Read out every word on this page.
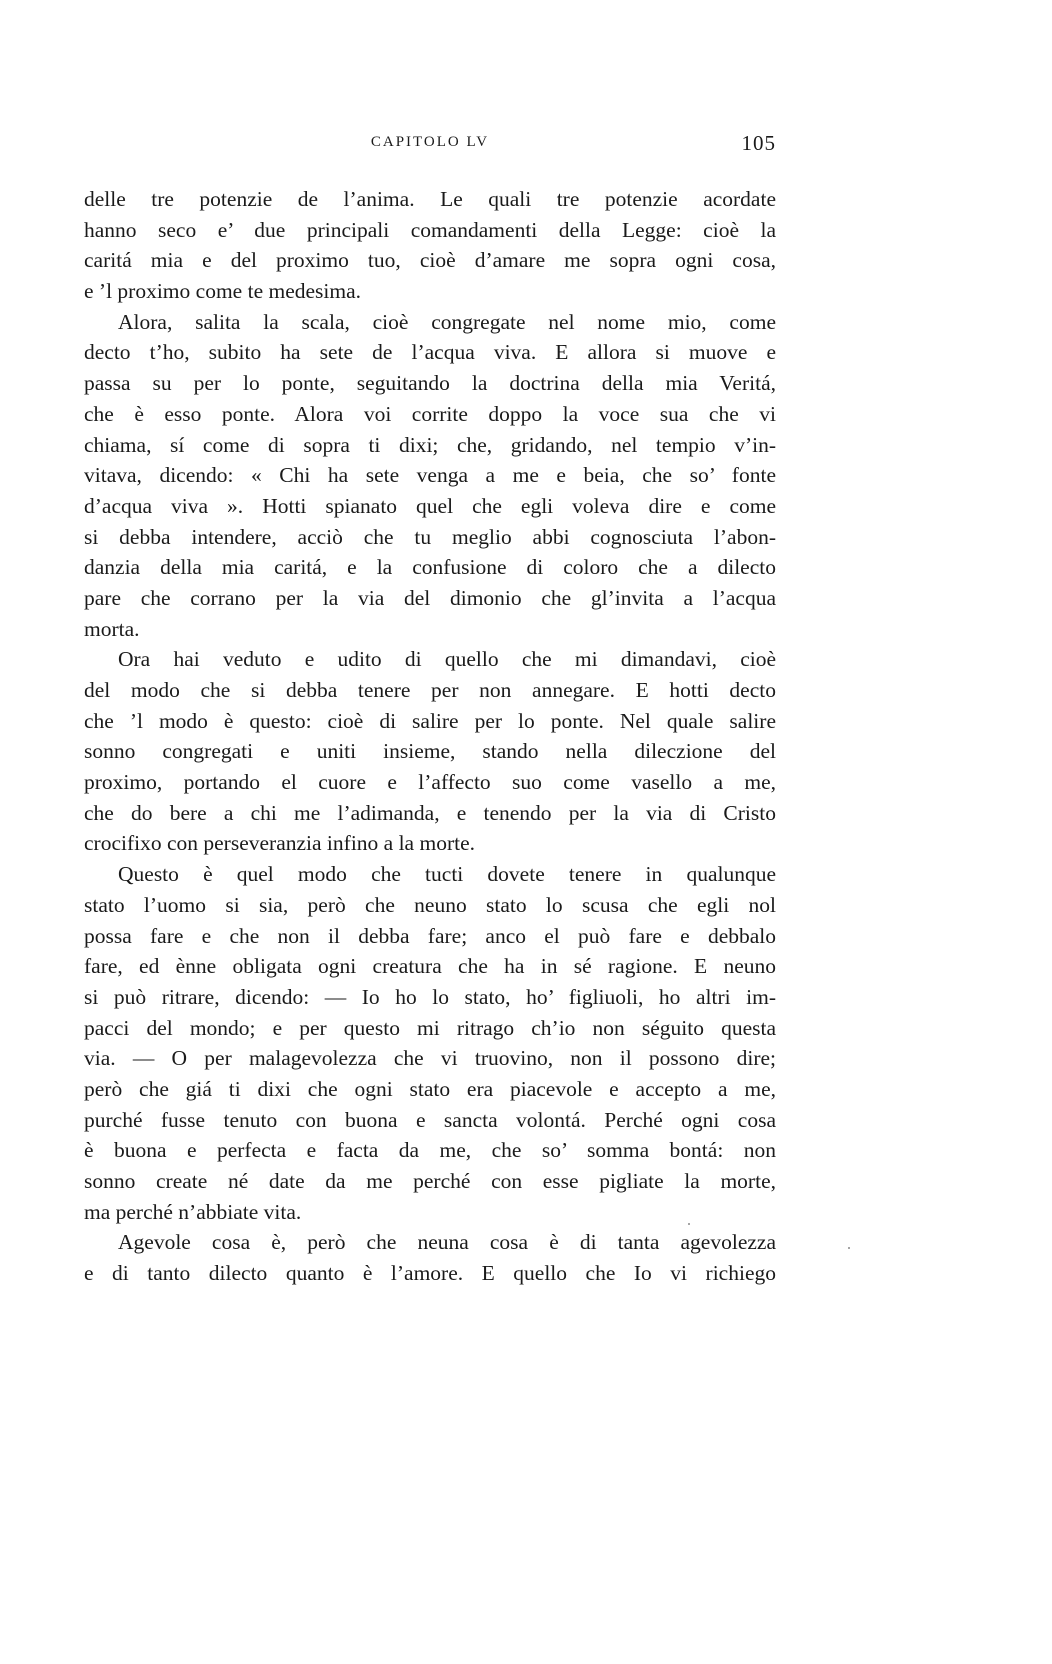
CAPITOLO LV	105
delle tre potenzie de l’anima. Le quali tre potenzie acordate
hanno seco e’ due principali comandamenti della Legge: cioè la
caritá mia e del proximo tuo, cioè d’amare me sopra ogni cosa,
e ’l proximo come te medesima.
Alora, salita la scala, cioè congregate nel nome mio, come
decto t’ho, subito ha sete de l’acqua viva. E allora si muove e
passa su per lo ponte, seguitando la doctrina della mia Veritá,
che è esso ponte. Alora voi corrite doppo la voce sua che vi
chiama, sí come di sopra ti dixi; che, gridando, nel tempio v’in-
vitava, dicendo: « Chi ha sete venga a me e beia, che so’ fonte
d’acqua viva ». Hotti spianato quel che egli voleva dire e come
si debba intendere, acciò che tu meglio abbi cognosciuta l’abon-
danzia della mia caritá, e la confusione di coloro che a dilecto
pare che corrano per la via del dimonio che gl’invita a l’acqua
morta.
Ora hai veduto e udito di quello che mi dimandavi, cioè
del modo che si debba tenere per non annegare. E hotti decto
che ’l modo è questo: cioè di salire per lo ponte. Nel quale salire
sonno congregati e uniti insieme, stando nella dileczione del
proximo, portando el cuore e l’affecto suo come vasello a me,
che do bere a chi me l’adimanda, e tenendo per la via di Cristo
crocifixo con perseveranzia infino a la morte.
Questo è quel modo che tucti dovete tenere in qualunque
stato l’uomo si sia, però che neuno stato lo scusa che egli nol
possa fare e che non il debba fare; anco el può fare e debbalo
fare, ed ènne obligata ogni creatura che ha in sé ragione. E neuno
si può ritrare, dicendo: — Io ho lo stato, ho’ figliuoli, ho altri im-
pacci del mondo; e per questo mi ritrago ch’io non séguito questa
via. — O per malagevolezza che vi truovino, non il possono dire;
però che giá ti dixi che ogni stato era piacevole e accepto a me,
purché fusse tenuto con buona e sancta volontá. Perché ogni cosa
è buona e perfecta e facta da me, che so’ somma bontá: non
sonno create né date da me perché con esse pigliate la morte,
ma perché n’abbiate vita.
Agevole cosa è, però che neuna cosa è di tanta agevolezza
e di tanto dilecto quanto è l’amore. E quello che Io vi richiego
